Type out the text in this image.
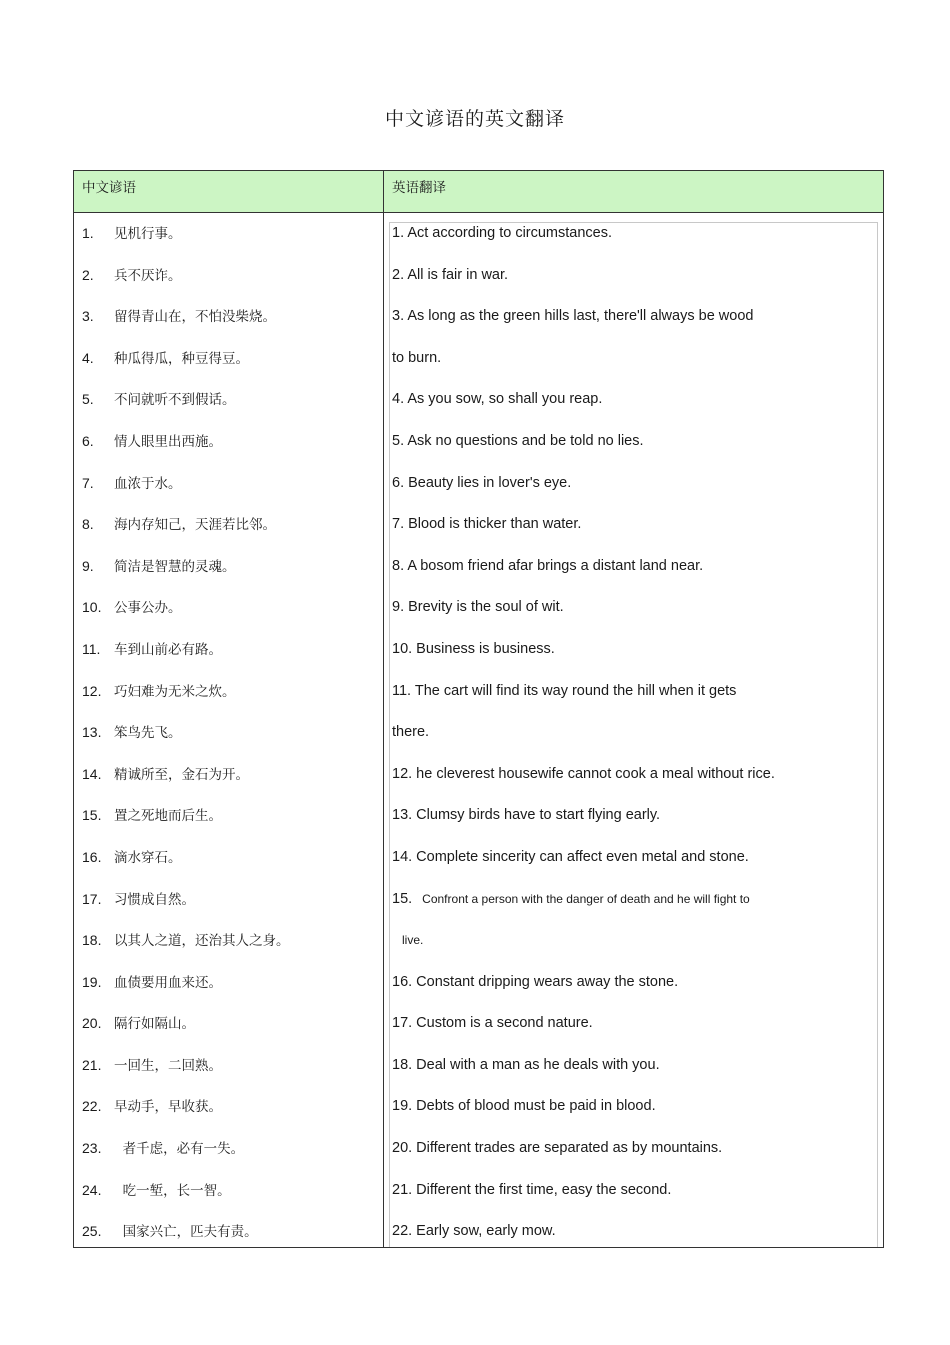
中文谚语的英文翻译
中文谚语	英语翻译
1. 见机行事。
2. 兵不厌诈。
3. 留得青山在，不怕没柴烧。
4. 种瓜得瓜，种豆得豆。
5. 不问就听不到假话。
6. 情人眼里出西施。
7. 血浓于水。
8. 海内存知己，天涯若比邻。
9. 简洁是智慧的灵魂。
10. 公事公办。
11. 车到山前必有路。
12. 巧妇难为无米之炊。
13. 笨鸟先飞。
14. 精诚所至，金石为开。
15. 置之死地而后生。
16. 滴水穿石。
17. 习惯成自然。
18. 以其人之道，还治其人之身。
19. 血债要用血来还。
20. 隔行如隔山。
21. 一回生，二回熟。
22. 早动手，早收获。
23.  者千虑，必有一失。
24.  吃一堑，长一智。
25.  国家兴亡，匹夫有责。
1. Act according to circumstances.
2. All is fair in war.
3. As long as the green hills last, there'll always be wood
to burn.
4. As you sow, so shall you reap.
5. Ask no questions and be told no lies.
6. Beauty lies in lover's eye.
7. Blood is thicker than water.
8. A bosom friend afar brings a distant land near.
9. Brevity is the soul of wit.
10. Business is business.
11. The cart will find its way round the hill when it gets
there.
12. he cleverest housewife cannot cook a meal without rice.
13. Clumsy birds have to start flying early.
14. Complete sincerity can affect even metal and stone.
15. Confront a person with the danger of death and he will fight to
live.
16. Constant dripping wears away the stone.
17. Custom is a second nature.
18. Deal with a man as he deals with you.
19. Debts of blood must be paid in blood.
20. Different trades are separated as by mountains.
21. Different the first time, easy the second.
22. Early sow, early mow.
